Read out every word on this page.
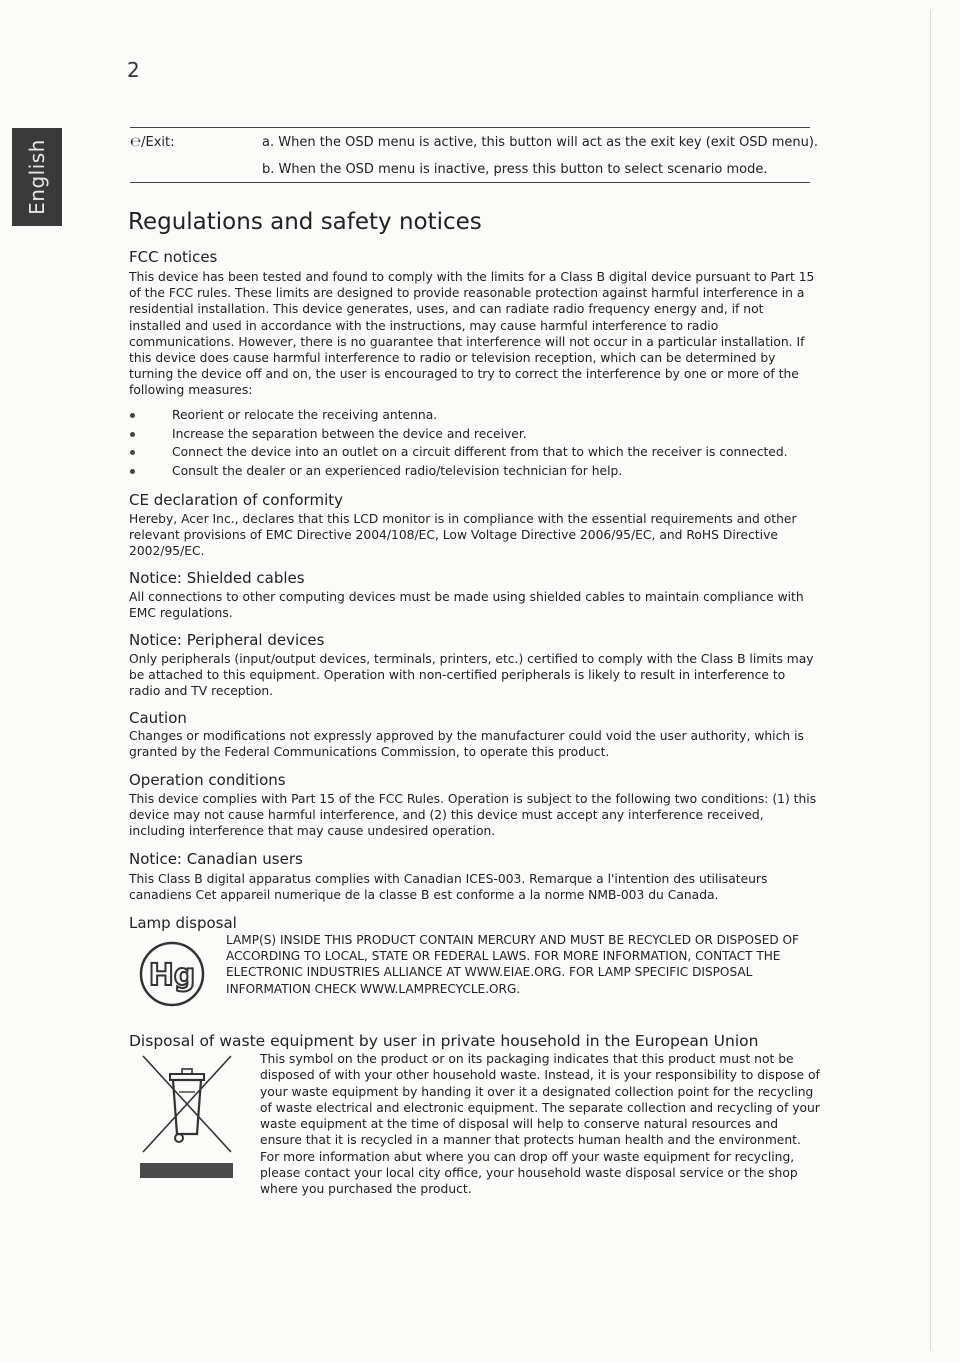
2
English	℮/Exit:	a. When the OSD menu is active, this button will act as the exit key (exit OSD menu).
b. When the OSD menu is inactive, press this button to select scenario mode.
Regulations and safety notices
FCC notices

This device has been tested and found to comply with the limits for a Class B digital device pursuant to Part 15 of the FCC rules. These limits are designed to provide reasonable protection against harmful interference in a residential installation. This device generates, uses, and can radiate radio frequency energy and, if not installed and used in accordance with the instructions, may cause harmful interference to radio communications. However, there is no guarantee that interference will not occur in a particular installation. If this device does cause harmful interference to radio or television reception, which can be determined by turning the device off and on, the user is encouraged to try to correct the interference by one or more of the following measures:

Reorient or relocate the receiving antenna.
Increase the separation between the device and receiver.
Connect the device into an outlet on a circuit different from that to which the receiver is connected.
Consult the dealer or an experienced radio/television technician for help.
CE declaration of conformity

Hereby, Acer Inc., declares that this LCD monitor is in compliance with the essential requirements and other relevant provisions of EMC Directive 2004/108/EC, Low Voltage Directive 2006/95/EC, and RoHS Directive 2002/95/EC.

Notice: Shielded cables

All connections to other computing devices must be made using shielded cables to maintain compliance with EMC regulations.

Notice: Peripheral devices

Only peripherals (input/output devices, terminals, printers, etc.) certified to comply with the Class B limits may be attached to this equipment. Operation with non-certified peripherals is likely to result in interference to radio and TV reception.

Caution

Changes or modifications not expressly approved by the manufacturer could void the user authority, which is granted by the Federal Communications Commission, to operate this product.

Operation conditions

This device complies with Part 15 of the FCC Rules. Operation is subject to the following two conditions: (1) this device may not cause harmful interference, and (2) this device must accept any interference received, including interference that may cause undesired operation.

Notice: Canadian users

This Class B digital apparatus complies with Canadian ICES-003. Remarque a l'intention des utilisateurs canadiens Cet appareil numerique de la classe B est conforme a la norme NMB-003 du Canada.

Lamp disposal
Hg

LAMP(S) INSIDE THIS PRODUCT CONTAIN MERCURY AND MUST BE RECYCLED OR DISPOSED OF ACCORDING TO LOCAL, STATE OR FEDERAL LAWS. FOR MORE INFORMATION, CONTACT THE ELECTRONIC INDUSTRIES ALLIANCE AT WWW.EIAE.ORG. FOR LAMP SPECIFIC DISPOSAL INFORMATION CHECK WWW.LAMPRECYCLE.ORG.

Disposal of waste equipment by user in private household in the European Union

This symbol on the product or on its packaging indicates that this product must not be disposed of with your other household waste. Instead, it is your responsibility to dispose of your waste equipment by handing it over it a designated collection point for the recycling of waste electrical and electronic equipment. The separate collection and recycling of your waste equipment at the time of disposal will help to conserve natural resources and ensure that it is recycled in a manner that protects human health and the environment. For more information abut where you can drop off your waste equipment for recycling, please contact your local city office, your household waste disposal service or the shop where you purchased the product.
